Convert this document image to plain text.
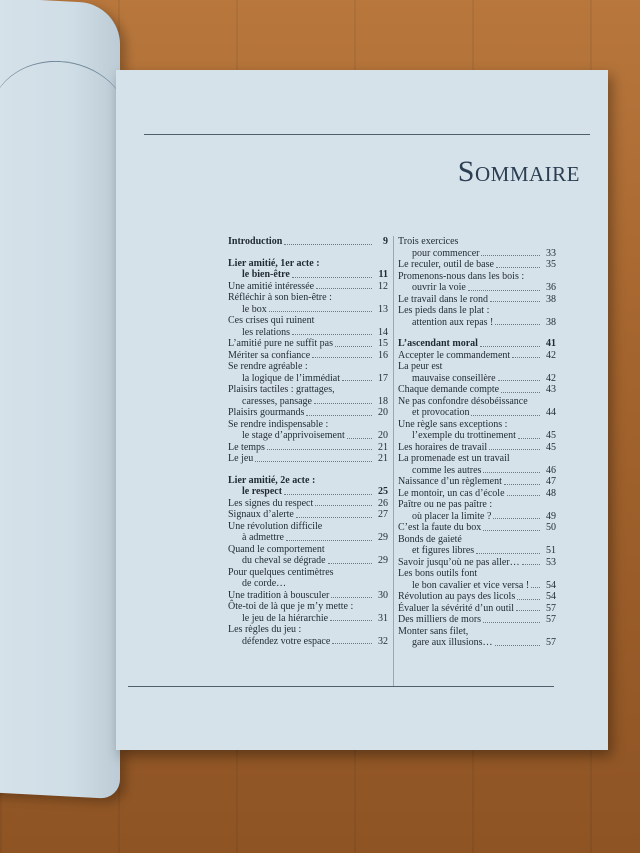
Sommaire
Introduction	9
Lier amitié, 1er acte :
le bien-être	11
Une amitié intéressée	12
Réfléchir à son bien-être :
le box	13
Ces crises qui ruinent
les relations	14
L’amitié pure ne suffit pas	15
Mériter sa confiance	16
Se rendre agréable :
la logique de l’immédiat	17
Plaisirs tactiles : grattages,
caresses, pansage	18
Plaisirs gourmands	20
Se rendre indispensable :
le stage d’apprivoisement	20
Le temps	21
Le jeu	21
Lier amitié, 2e acte :
le respect	25
Les signes du respect	26
Signaux d’alerte	27
Une révolution difficile
à admettre	29
Quand le comportement
du cheval se dégrade	29
Pour quelques centimètres
de corde…
Une tradition à bousculer	30
Ôte-toi de là que je m’y mette :
le jeu de la hiérarchie	31
Les règles du jeu :
défendez votre espace	32
Trois exercices
pour commencer	33
Le reculer, outil de base	35
Promenons-nous dans les bois :
ouvrir la voie	36
Le travail dans le rond	38
Les pieds dans le plat :
attention aux repas !	38
L’ascendant moral	41
Accepter le commandement	42
La peur est
mauvaise conseillère	42
Chaque demande compte	43
Ne pas confondre désobéissance
et provocation	44
Une règle sans exceptions :
l’exemple du trottinement	45
Les horaires de travail	45
La promenade est un travail
comme les autres	46
Naissance d’un règlement	47
Le montoir, un cas d’école	48
Paître ou ne pas paître :
où placer la limite ?	49
C’est la faute du box	50
Bonds de gaieté
et figures libres	51
Savoir jusqu’où ne pas aller…	53
Les bons outils font
le bon cavalier et vice versa !	54
Révolution au pays des licols	54
Évaluer la sévérité d’un outil	57
Des milliers de mors	57
Monter sans filet,
gare aux illusions…	57
